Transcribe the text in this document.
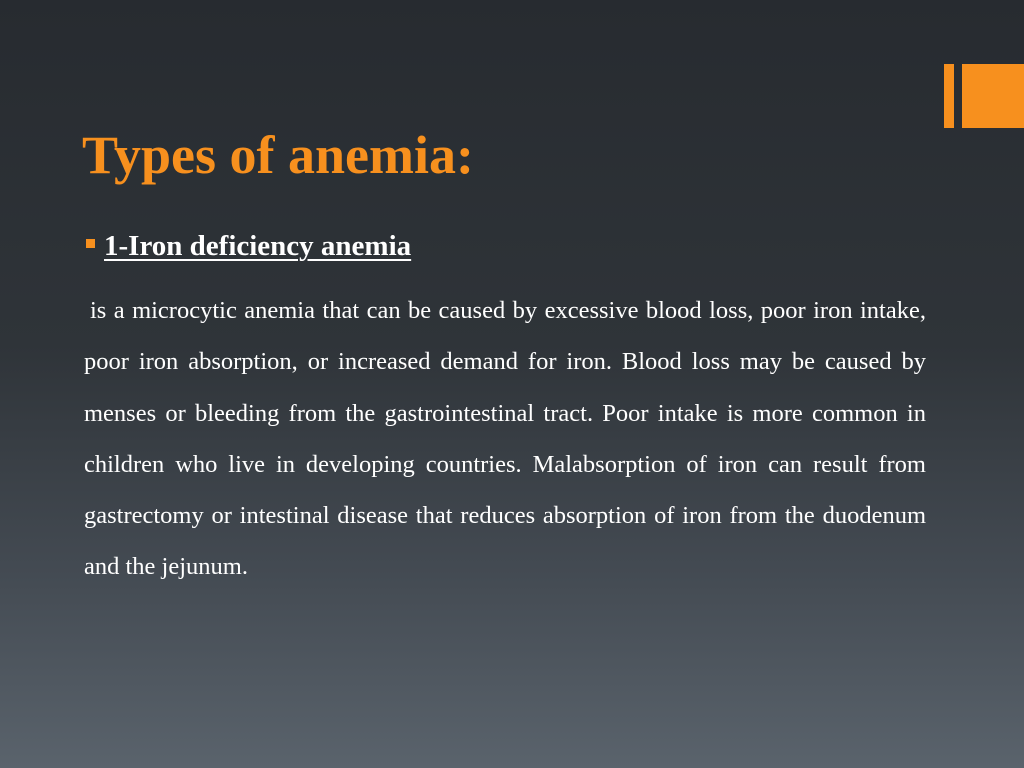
Types of anemia:
1-Iron deficiency anemia

is a microcytic anemia that can be caused by excessive blood loss, poor iron intake, poor iron absorption, or increased demand for iron. Blood loss may be caused by menses or bleeding from the gastrointestinal tract. Poor intake is more common in children who live in developing countries. Malabsorption of iron can result from gastrectomy or intestinal disease that reduces absorption of iron from the duodenum and the jejunum.
